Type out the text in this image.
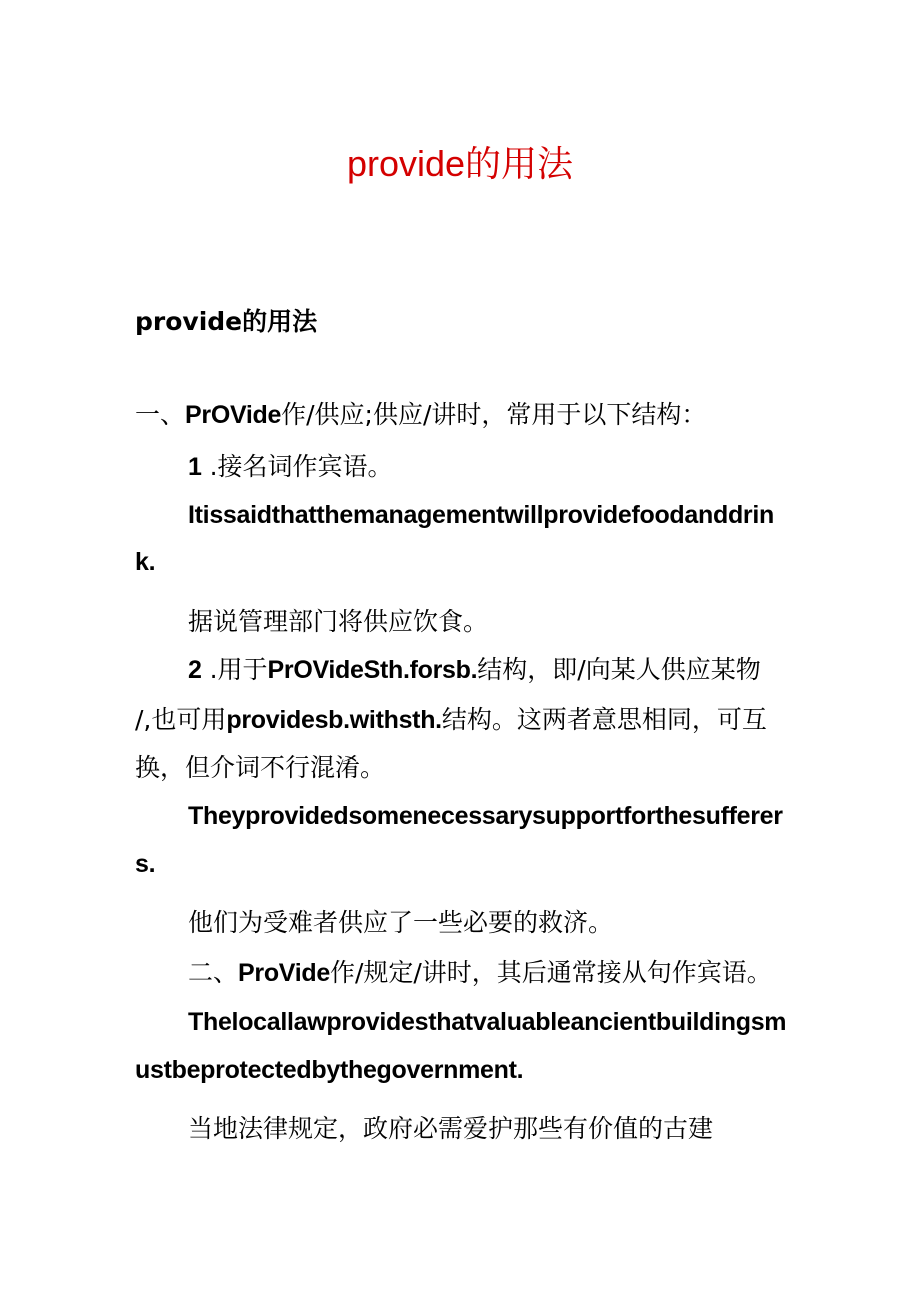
provide的用法
provide的用法
一、PrOVide作/供应;供应/讲时，常用于以下结构：
1 .接名词作宾语。
Itissaidthatthemanagementwillprovidefoodanddrin
k.
据说管理部门将供应饮食。
2 .用于PrOVideSth.forsb.结构，即/向某人供应某物
/,也可用providesb.withsth.结构。这两者意思相同，可互
换，但介词不行混淆。
Theyprovidedsomenecessarysupportforthesufferer
s.
他们为受难者供应了一些必要的救济。
二、ProVide作/规定/讲时，其后通常接从句作宾语。
Thelocallawprovidesthatvaluableancientbuildingsm
ustbeprotectedbythegovernment.
当地法律规定，政府必需爱护那些有价值的古建
